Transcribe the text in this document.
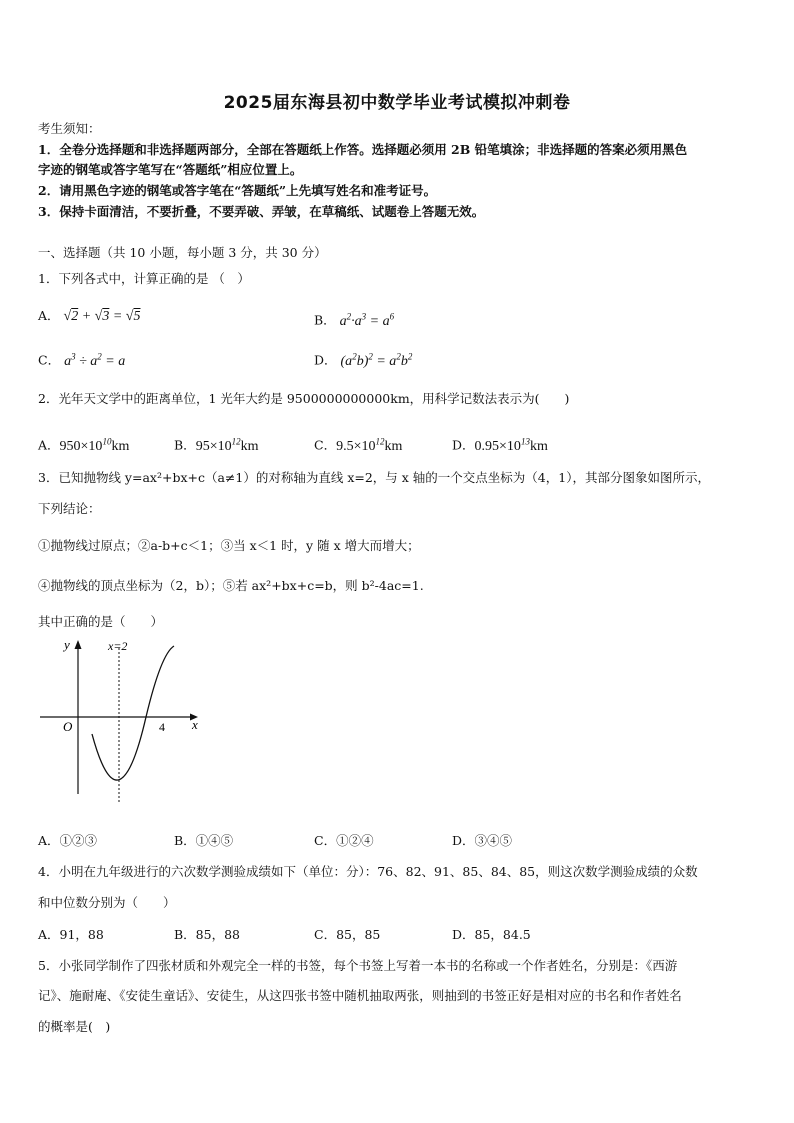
2025届东海县初中数学毕业考试模拟冲刺卷
考生须知：
1．全卷分选择题和非选择题两部分，全部在答题纸上作答。选择题必须用 2B 铅笔填涂；非选择题的答案必须用黑色
字迹的钢笔或答字笔写在“答题纸”相应位置上。
2．请用黑色字迹的钢笔或答字笔在“答题纸”上先填写姓名和准考证号。
3．保持卡面清洁，不要折叠，不要弄破、弄皱，在草稿纸、试题卷上答题无效。
一、选择题（共 10 小题，每小题 3 分，共 30 分）
1．下列各式中，计算正确的是 （　）
A． √2 + √3 = √5	B． $a^2\cdot a^3 = a^6$
C． $a^3 \div a^2 = a$	D． $(a^2b)^2 = a^2b^2$
2．光年天文学中的距离单位，1 光年大约是 9500000000000km，用科学记数法表示为(　　)
A．$950\times 10^{10}km$	B．$95\times 10^{12}km$	C．$9.5\times 10^{12}km$	D．$0.95\times 10^{13}km$
3．已知抛物线 y=ax²+bx+c（a≠1）的对称轴为直线 x=2，与 x 轴的一个交点坐标为（4，1），其部分图象如图所示，
下列结论：
①抛物线过原点；②a-b+c＜1；③当 x＜1 时，y 随 x 增大而增大；
④抛物线的顶点坐标为（2，b）；⑤若 ax²+bx+c=b，则 b²-4ac=1.
其中正确的是（　　）
y
x
O	4
x=2
A．①②③	B．①④⑤	C．①②④	D．③④⑤
4．小明在九年级进行的六次数学测验成绩如下（单位：分）：76、82、91、85、84、85，则这次数学测验成绩的众数
和中位数分别为（　　）
A．91，88	B．85，88	C．85，85	D．85，84.5
5．小张同学制作了四张材质和外观完全一样的书签，每个书签上写着一本书的名称或一个作者姓名，分别是：《西游
记》、施耐庵、《安徒生童话》、安徒生，从这四张书签中随机抽取两张，则抽到的书签正好是相对应的书名和作者姓名
的概率是(　)
